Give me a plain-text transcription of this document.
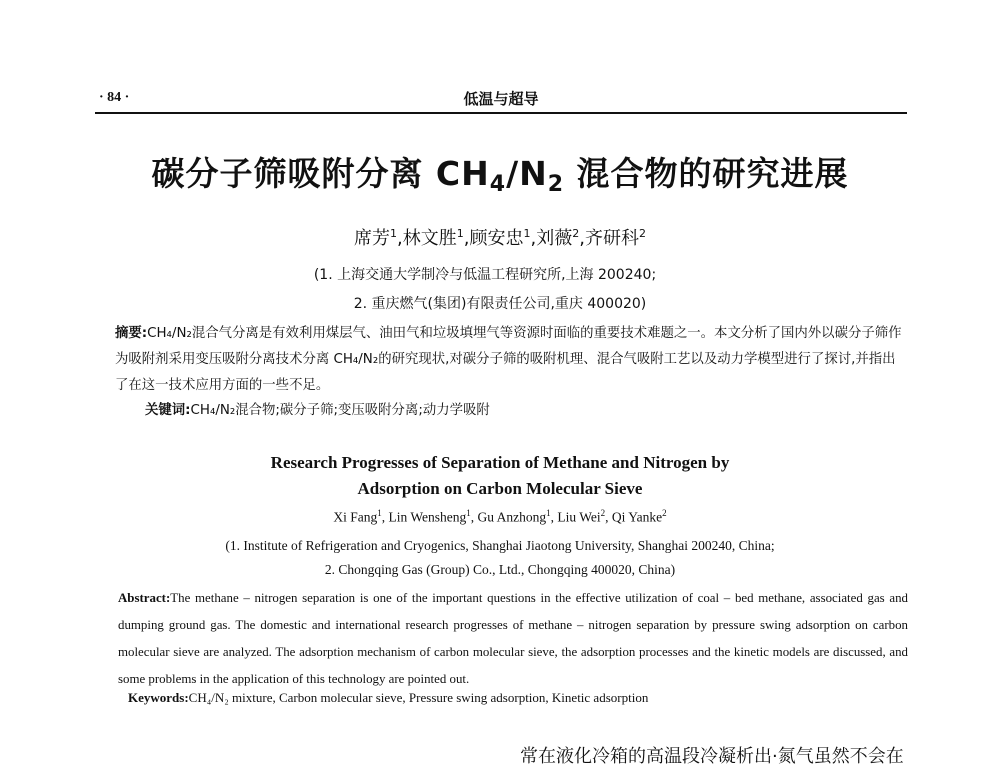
· 84 ·	低温与超导
碳分子筛吸附分离 $CH_4/N_2$ 混合物的研究进展
席芳$^1$,林文胜$^1$,顾安忠$^1$,刘薇$^2$,齐研科$^2$
(1. 上海交通大学制冷与低温工程研究所,上海 200240;
2. 重庆燃气(集团)有限责任公司,重庆 400020)
摘要:CH₄/N₂混合气分离是有效利用煤层气、油田气和垃圾填埋气等资源时面临的重要技术难题之一。本文分析了国内外以碳分子筛作为吸附剂采用变压吸附分离技术分离 CH₄/N₂的研究现状,对碳分子筛的吸附机理、混合气吸附工艺以及动力学模型进行了探讨,并指出了在这一技术应用方面的一些不足。
关键词:CH₄/N₂混合物;碳分子筛;变压吸附分离;动力学吸附
Research Progresses of Separation of Methane and Nitrogen by
Adsorption on Carbon Molecular Sieve
Xi Fang$^1$, Lin Wensheng$^1$, Gu Anzhong$^1$, Liu Wei$^2$, Qi Yanke$^2$
(1. Institute of Refrigeration and Cryogenics, Shanghai Jiaotong University, Shanghai 200240, China;
2. Chongqing Gas (Group) Co., Ltd., Chongqing 400020, China)
Abstract:The methane – nitrogen separation is one of the important questions in the effective utilization of coal – bed methane, associated gas and dumping ground gas. The domestic and international research progresses of methane – nitrogen separation by pressure swing adsorption on carbon molecular sieve are analyzed. The adsorption mechanism of carbon molecular sieve, the adsorption processes and the kinetic models are discussed, and some problems in the application of this technology are pointed out.
Keywords:CH₄/N₂ mixture, Carbon molecular sieve, Pressure swing adsorption, Kinetic adsorption
常在液化冷箱的高温段冷凝析出·氮气虽然不会在
